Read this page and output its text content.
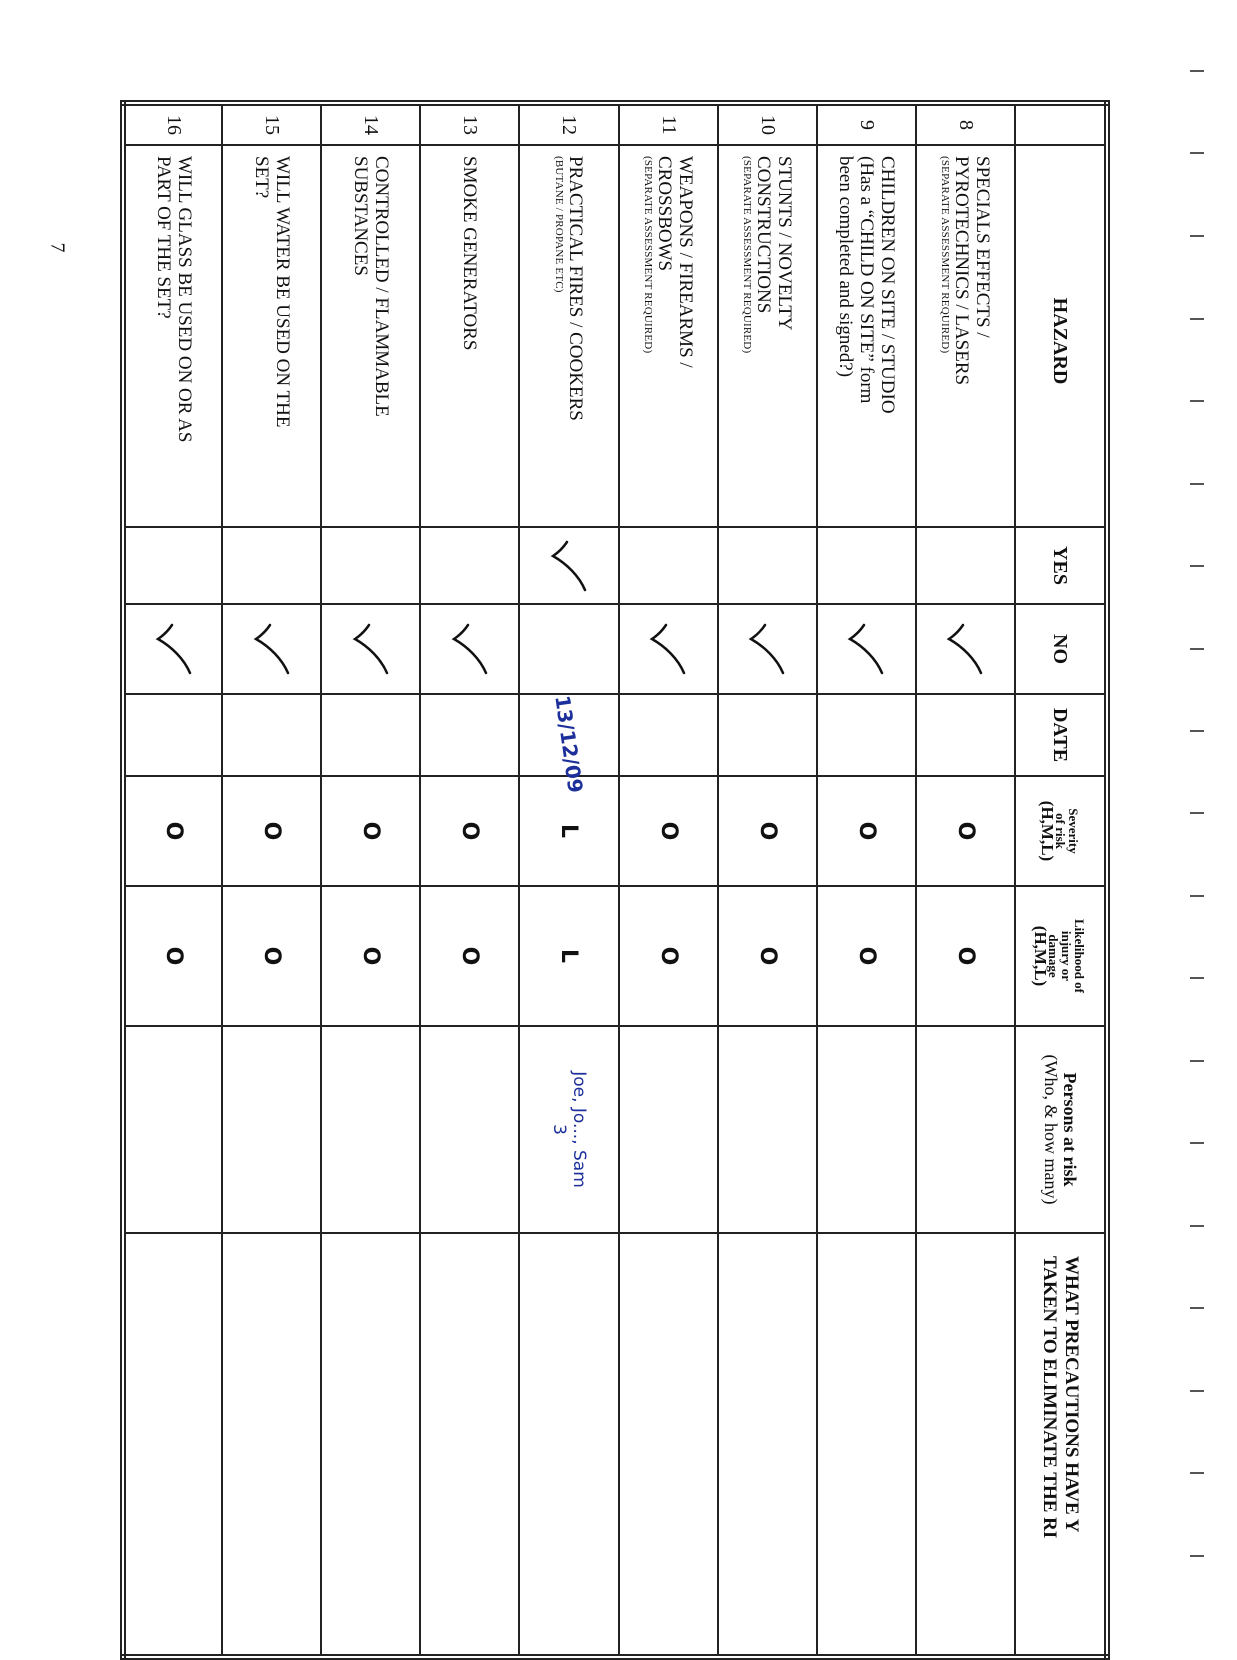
	HAZARD	YES	NO	DATE	Severity
of risk
(H,M,L)	Likelihood of
injury or
damage
(H,M,L)	Persons at risk
(Who, & how many)	WHAT PRECAUTIONS HAVE Y
TAKEN TO ELIMINATE THE RI
8	SPECIALS EFFECTS /
PYROTECHNICS / LASERS
(SEPARATE ASSESSMENT REQUIRED)				O	O		
9	CHILDREN ON SITE / STUDIO
(Has a “CHILD ON SITE” form
been completed and signed?)				O	O		
10	STUNTS / NOVELTY
CONSTRUCTIONS
(SEPARATE ASSESSMENT REQUIRED)				O	O		
11	WEAPONS / FIREARMS /
CROSSBOWS
(SEPARATE ASSESSMENT REQUIRED)				O	O		
12	PRACTICAL FIRES / COOKERS
(BUTANE / PROPANE ETC)			13/12/09	L	L	Joe, Jo..., Sam
3	

13	SMOKE GENERATORS				O	O		
14	CONTROLLED / FLAMMABLE
SUBSTANCES				O	O		
15	WILL WATER BE USED ON THE
SET?				O	O		
16	WILL GLASS BE USED ON OR AS
PART OF THE SET?				O	O		
7
